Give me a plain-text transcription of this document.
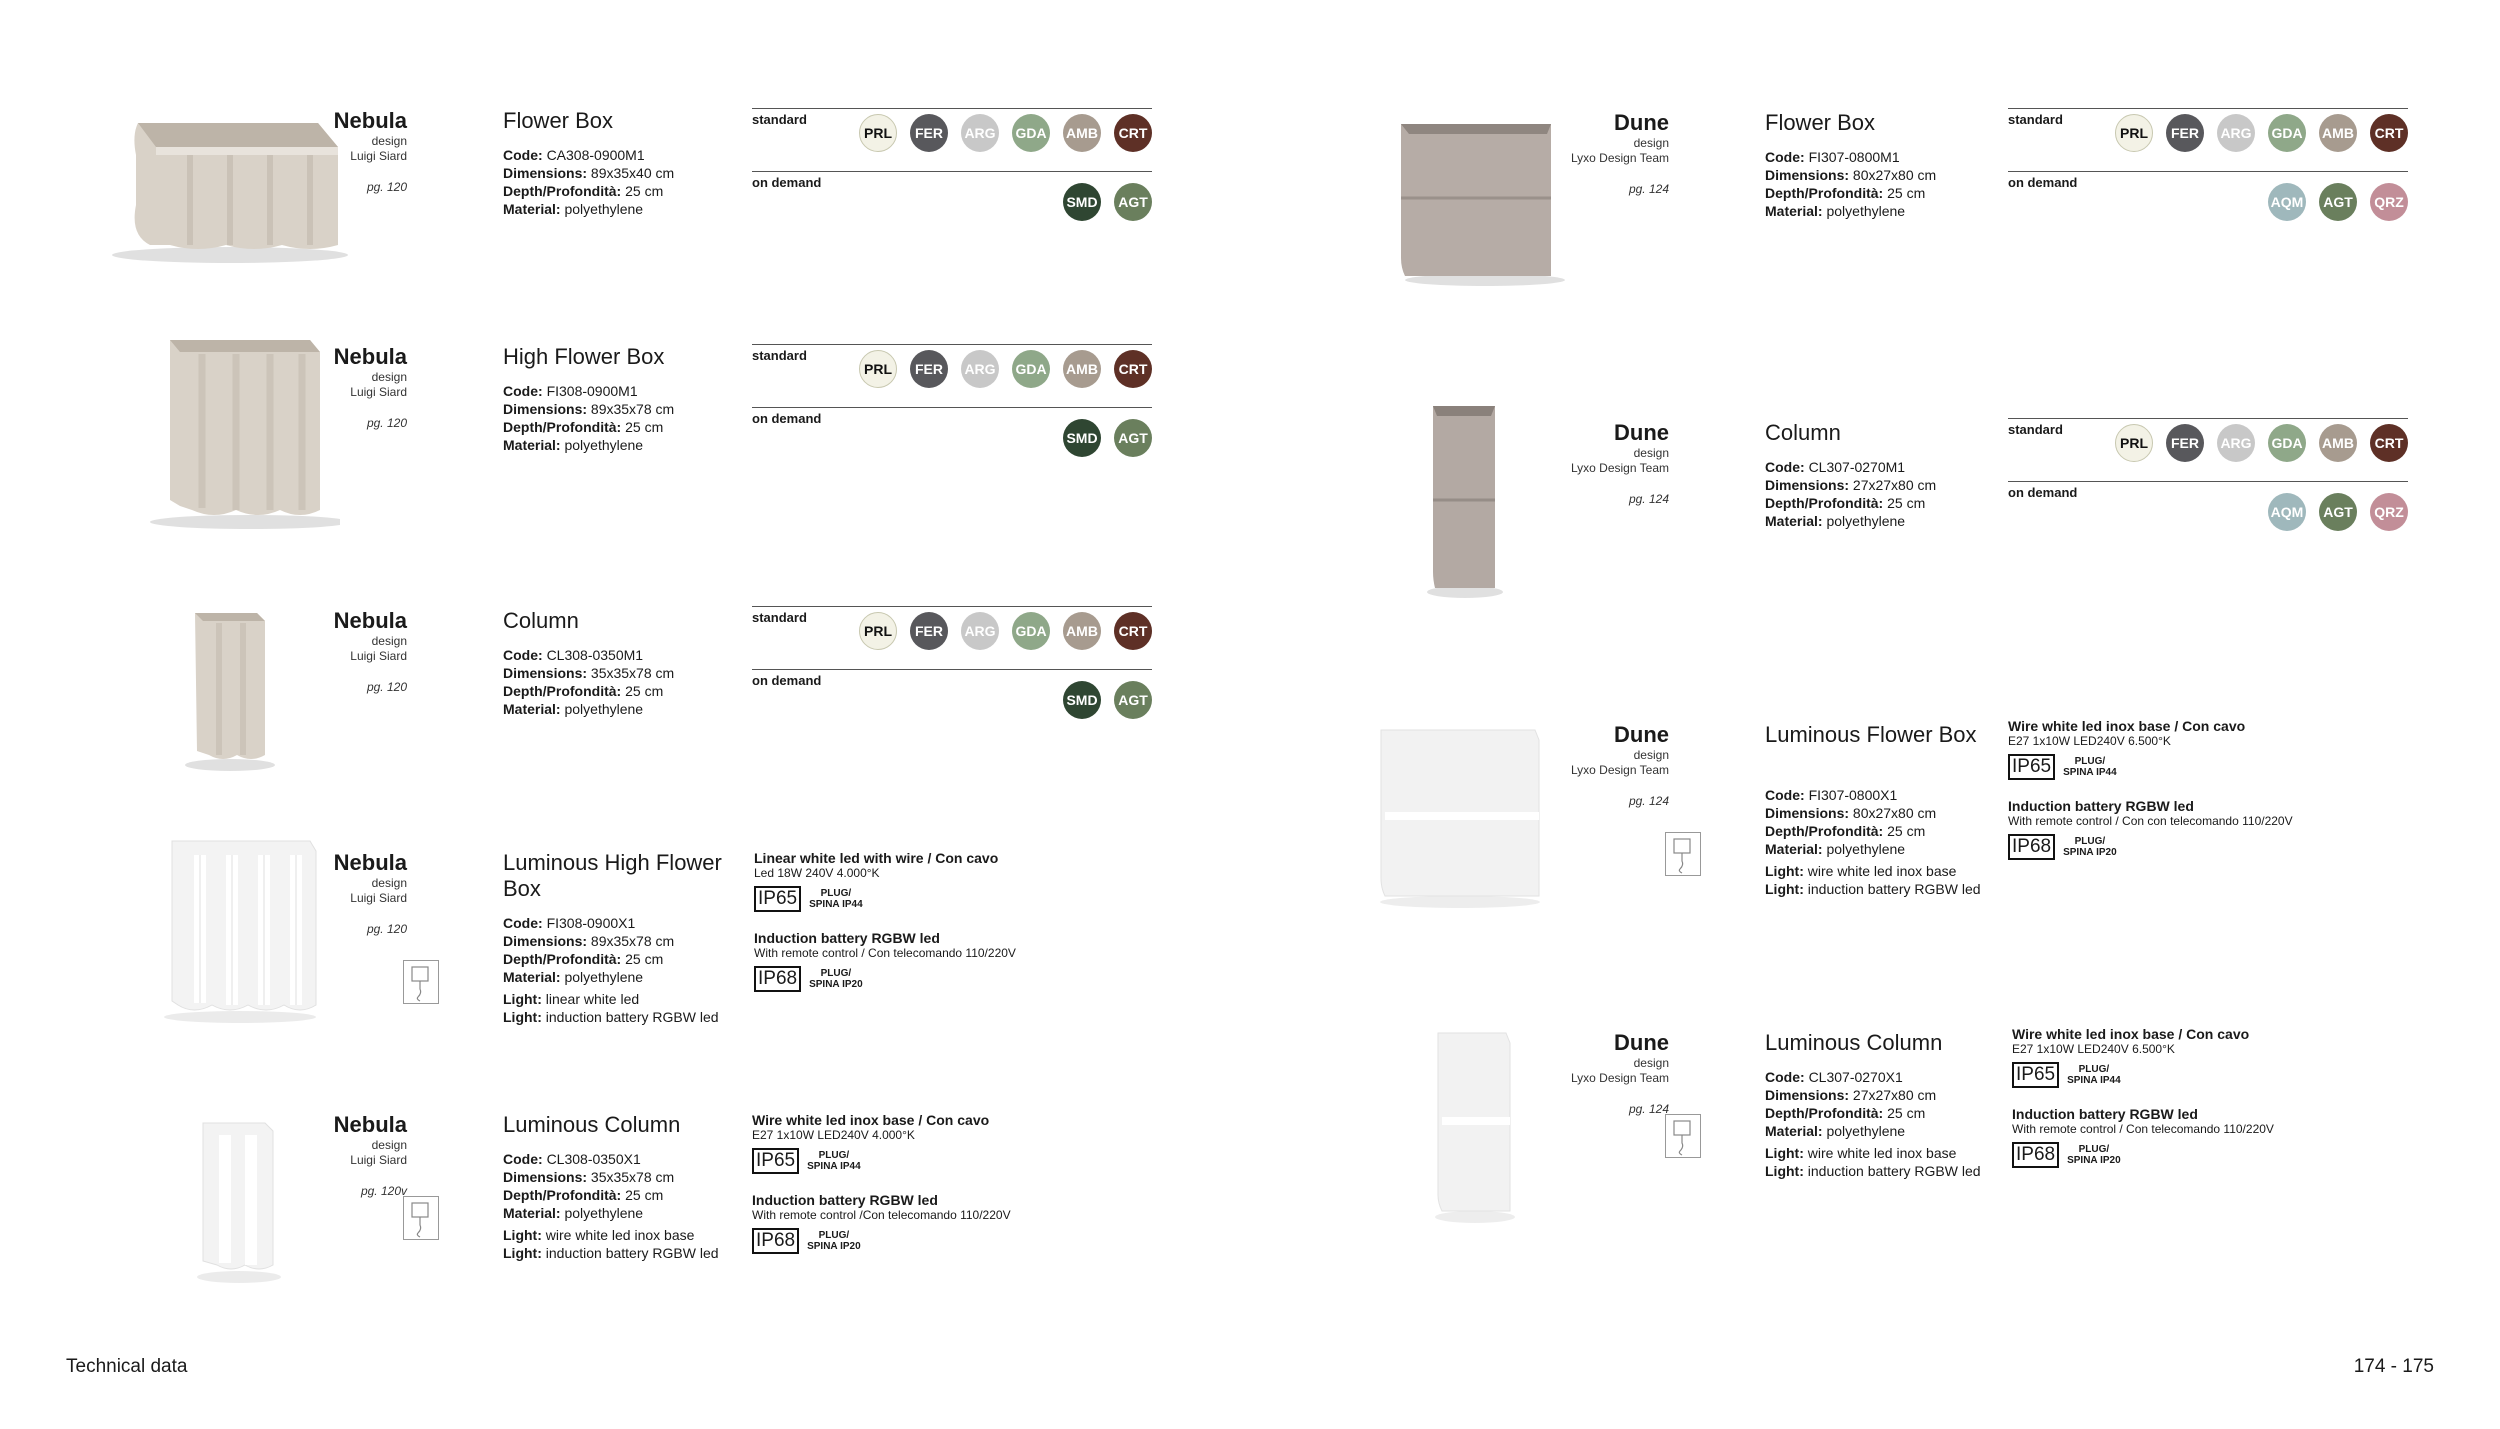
Nebula	Flower Box
design
Luigi Siard
pg. 120
Code: CA308-0900M1
Dimensions: 89x35x40 cm
Depth/Profondità: 25 cm
Material: polyethylene
standard
PRL	FER	ARG GDA AMB	CRT
on demand
SMD	AGT
Nebula	High Flower Box
design
Luigi Siard
pg. 120
Code: FI308-0900M1
Dimensions: 89x35x78 cm
Depth/Profondità: 25 cm
Material: polyethylene
standard
PRL	FER	ARG GDA AMB	CRT
on demand
SMD	AGT
Nebula	Column
design
Luigi Siard
pg. 120
Code: CL308-0350M1
Dimensions: 35x35x78 cm
Depth/Profondità: 25 cm
Material: polyethylene
standard
PRL	FER	ARG GDA AMB	CRT
on demand
SMD	AGT
Nebula	Luminous High Flower Box
design
Luigi Siard
pg. 120	Code: FI308-0900X1
Dimensions: 89x35x78 cm
Depth/Profondità: 25 cm
Material: polyethylene
Light: linear white led
Light: induction battery RGBW led
Linear white led with wire / Con cavo
Led 18W 240V 4.000°K
IP65	PLUG/
SPINA IP44
Induction battery RGBW led
With remote control / Con telecomando 110/220V
IP68	PLUG/
SPINA IP20
Nebula	Luminous Column
design
Luigi Siard
pg. 120v
Code: CL308-0350X1
Dimensions: 35x35x78 cm
Depth/Profondità: 25 cm
Material: polyethylene
Light: wire white led inox base
Light: induction battery RGBW led
Wire white led inox base / Con cavo
E27 1x10W LED240V 4.000°K
IP65	PLUG/
SPINA IP44
Induction battery RGBW led
With remote control /Con telecomando 110/220V
IP68	PLUG/
SPINA IP20
Dune	Flower Box
design
Lyxo Design Team
pg. 124
Code: FI307-0800M1
Dimensions: 80x27x80 cm
Depth/Profondità: 25 cm
Material: polyethylene
standard
PRL	FER	ARG GDA AMB	CRT
on demand
AQM	AGT	QRZ
Dune	Column
design
Lyxo Design Team
pg. 124
Code: CL307-0270M1
Dimensions: 27x27x80 cm
Depth/Profondità: 25 cm
Material: polyethylene
standard
PRL	FER	ARG GDA AMB	CRT
on demand
AQM	AGT	QRZ
Dune	Luminous Flower Box
design
Lyxo Design Team
pg. 124	Code: FI307-0800X1
Dimensions: 80x27x80 cm
Depth/Profondità: 25 cm
Material: polyethylene
Light: wire white led inox base
Light: induction battery RGBW led
Wire white led inox base / Con cavo
E27 1x10W LED240V 6.500°K
IP65	PLUG/
SPINA IP44
Induction battery RGBW led
With remote control / Con con telecomando 110/220V
IP68	PLUG/
SPINA IP20
Dune	Luminous Column
design
Lyxo Design Team
pg. 124
Code: CL307-0270X1
Dimensions: 27x27x80 cm
Depth/Profondità: 25 cm
Material: polyethylene
Light: wire white led inox base
Light: induction battery RGBW led
Wire white led inox base / Con cavo
E27 1x10W LED240V 6.500°K
IP65	PLUG/
SPINA IP44
Induction battery RGBW led
With remote control / Con telecomando 110/220V
IP68	PLUG/
SPINA IP20
Technical data	174 - 175
